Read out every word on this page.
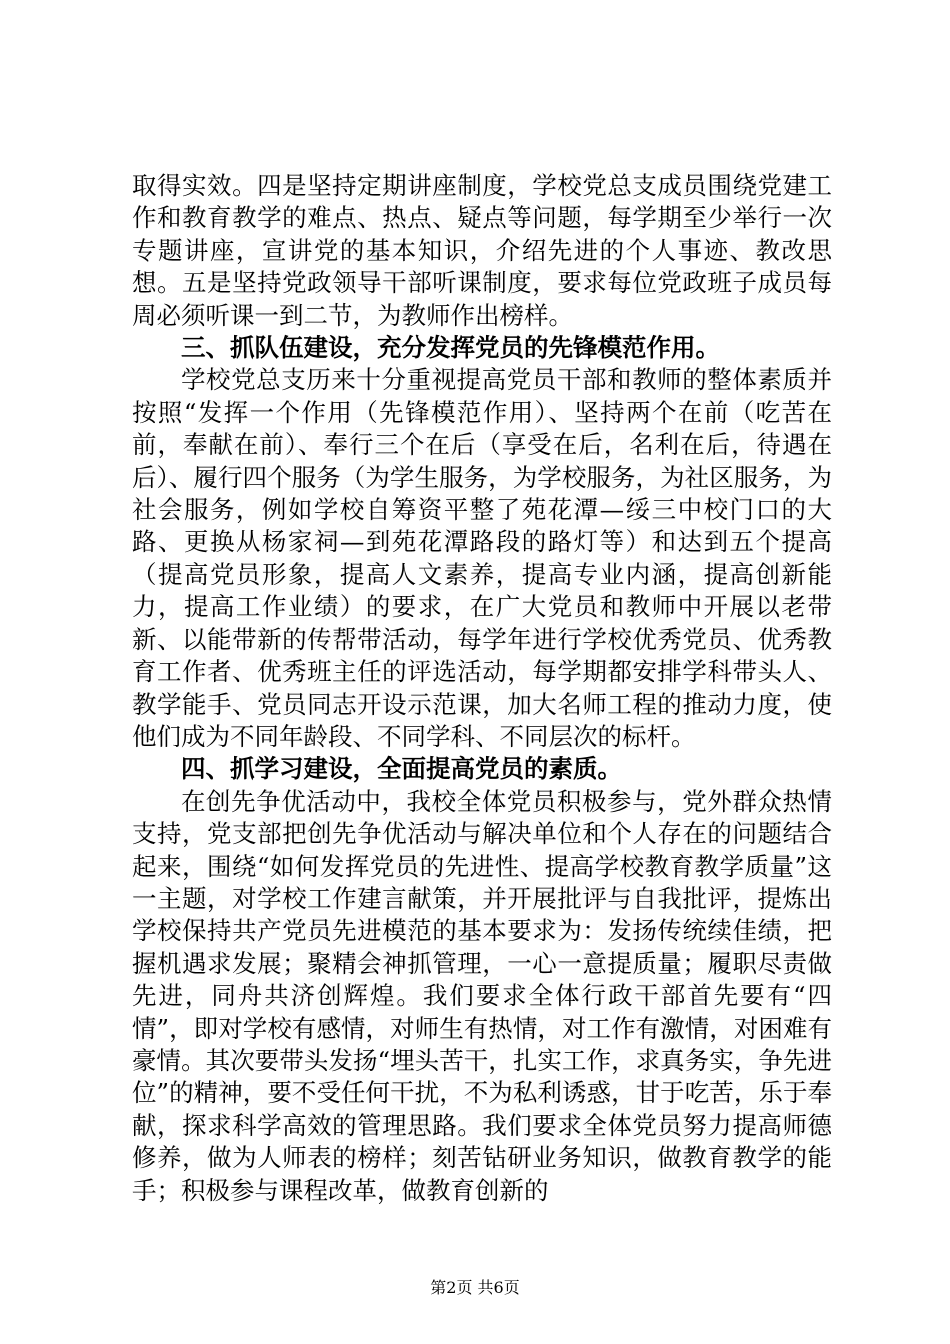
取得实效。四是坚持定期讲座制度，学校党总支成员围绕党建工作和教育教学的难点、热点、疑点等问题，每学期至少举行一次专题讲座，宣讲党的基本知识，介绍先进的个人事迹、教改思想。五是坚持党政领导干部听课制度，要求每位党政班子成员每周必须听课一到二节，为教师作出榜样。

三、抓队伍建设，充分发挥党员的先锋模范作用。

学校党总支历来十分重视提高党员干部和教师的整体素质并按照“发挥一个作用（先锋模范作用）、坚持两个在前（吃苦在前，奉献在前）、奉行三个在后（享受在后，名利在后，待遇在后）、履行四个服务（为学生服务，为学校服务，为社区服务，为社会服务，例如学校自筹资平整了苑花潭—绥三中校门口的大路、更换从杨家祠—到苑花潭路段的路灯等）和达到五个提高（提高党员形象，提高人文素养，提高专业内涵，提高创新能力，提高工作业绩）的要求，在广大党员和教师中开展以老带新、以能带新的传帮带活动，每学年进行学校优秀党员、优秀教育工作者、优秀班主任的评选活动，每学期都安排学科带头人、教学能手、党员同志开设示范课，加大名师工程的推动力度，使他们成为不同年龄段、不同学科、不同层次的标杆。

四、抓学习建设，全面提高党员的素质。

在创先争优活动中，我校全体党员积极参与，党外群众热情支持，党支部把创先争优活动与解决单位和个人存在的问题结合起来，围绕“如何发挥党员的先进性、提高学校教育教学质量”这一主题，对学校工作建言献策，并开展批评与自我批评，提炼出学校保持共产党员先进模范的基本要求为：发扬传统续佳绩，把握机遇求发展；聚精会神抓管理，一心一意提质量；履职尽责做先进，同舟共济创辉煌。我们要求全体行政干部首先要有“四情”，即对学校有感情，对师生有热情，对工作有激情，对困难有豪情。其次要带头发扬“埋头苦干，扎实工作，求真务实，争先进位”的精神，要不受任何干扰，不为私利诱惑，甘于吃苦，乐于奉献，探求科学高效的管理思路。我们要求全体党员努力提高师德修养，做为人师表的榜样；刻苦钻研业务知识，做教育教学的能手；积极参与课程改革，做教育创新的

第2页 共6页
